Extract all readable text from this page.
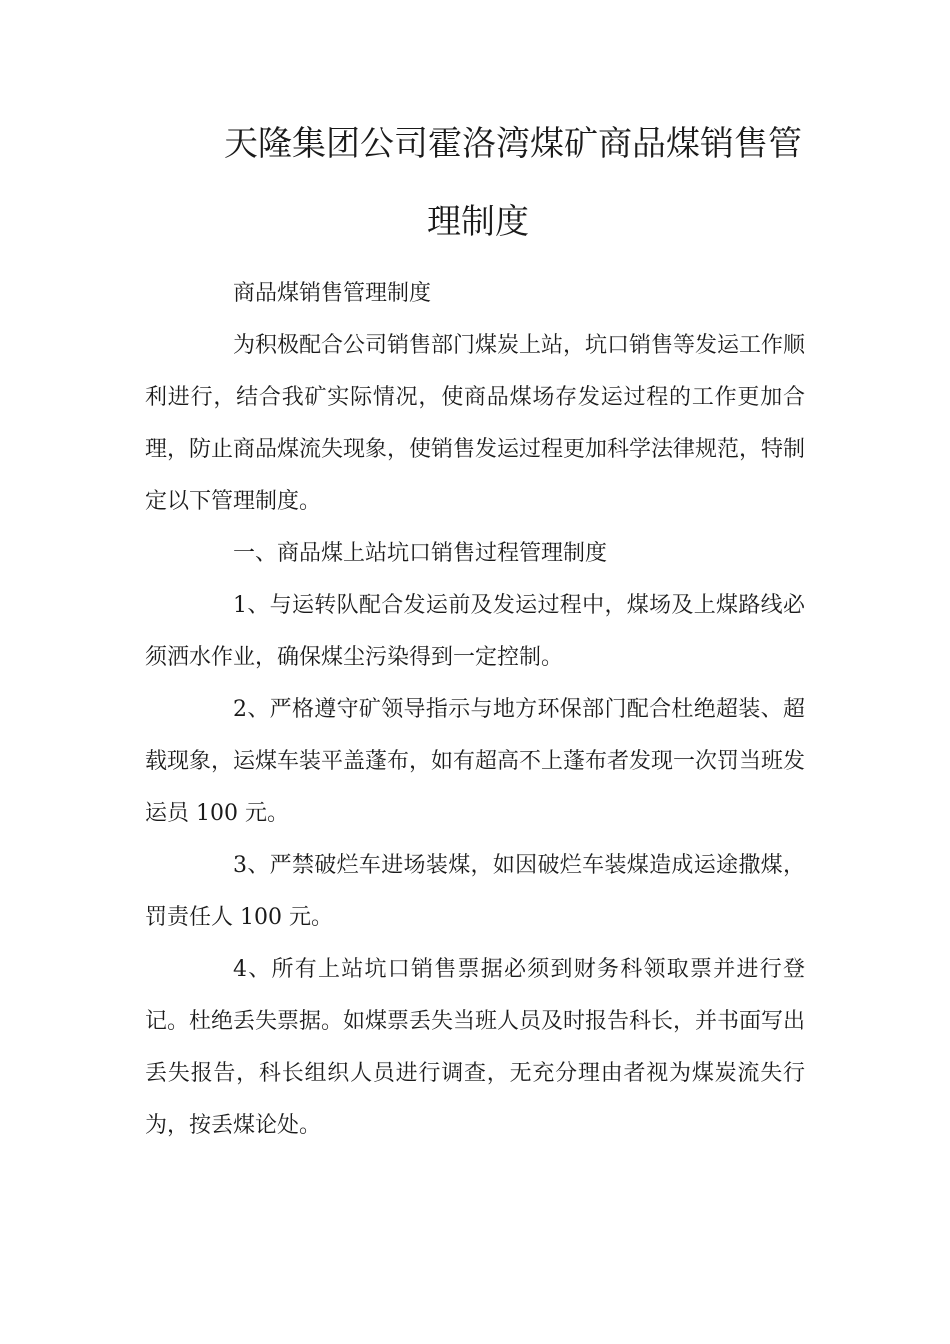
天隆集团公司霍洛湾煤矿商品煤销售管
理制度

商品煤销售管理制度

为积极配合公司销售部门煤炭上站，坑口销售等发运工作顺利进行，结合我矿实际情况，使商品煤场存发运过程的工作更加合理，防止商品煤流失现象，使销售发运过程更加科学法律规范，特制定以下管理制度。

一、商品煤上站坑口销售过程管理制度

1、与运转队配合发运前及发运过程中，煤场及上煤路线必须洒水作业，确保煤尘污染得到一定控制。

2、严格遵守矿领导指示与地方环保部门配合杜绝超装、超载现象，运煤车装平盖蓬布，如有超高不上蓬布者发现一次罚当班发运员 100 元。

3、严禁破烂车进场装煤，如因破烂车装煤造成运途撒煤，罚责任人 100 元。

4、所有上站坑口销售票据必须到财务科领取票并进行登记。杜绝丢失票据。如煤票丢失当班人员及时报告科长，并书面写出丢失报告，科长组织人员进行调查，无充分理由者视为煤炭流失行为，按丢煤论处。
